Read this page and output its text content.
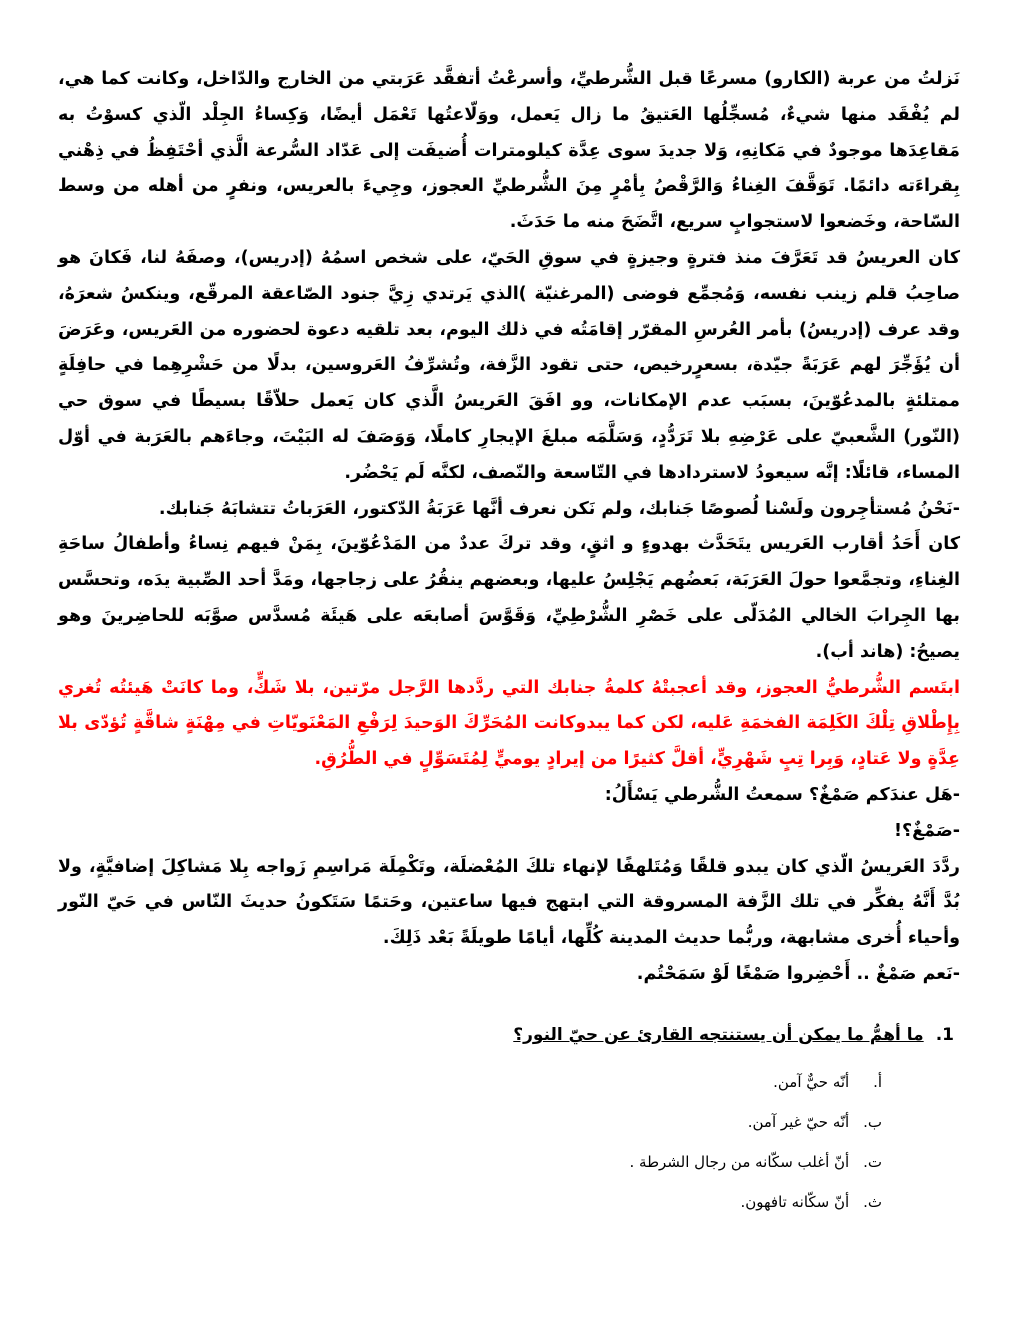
نَزلتُ من عربة (الكارو) مسرعًا قبل الشُّرطيِّ، وأسرعْتُ أتفقَّد عَرَبتي من الخارج والدّاخل، وكانت كما هي، لم يُفْقَد منها شيءٌ، مُسجِّلُها العَتيقُ ما زال يَعمل، ووَلّاعتُها تَعْمَل أيضًا، وَكِساءُ الجِلْد الّذي كسوْتُ به مَقاعِدَها موجودٌ في مَكانِهِ، وَلا جديدَ سوى عِدَّة كيلومترات أُضيفَت إلى عَدّاد السُّرعة الَّذي أحْتَفِظُ في ذِهْني بِقراءَته دائمًا. تَوَقَّفَ الغِناءُ وَالرَّقْصُ بِأمْرٍ مِنَ الشُّرطيِّ العجوز، وجِيءَ بالعريس، ونفرٍ من أهله من وسط السّاحة، وخَضعوا لاستجوابٍ سريع، اتَّضَحَ منه ما حَدَثَ.

كان العريسُ قد تَعَرَّفَ منذ فترةٍ وجيزةٍ في سوقِ الحَيّ، على شخص اسمُهُ (إدريس)، وصفَهُ لنا، فَكانَ هو صاحِبُ قلم زينب نفسه، وَمُجمِّع فوضى (المرغنيّة )الذي يَرتدي زِيَّ جنود الصّاعقة المرقّع، وينكسُ شعرَهُ، وقد عرف (إدريسُ) بأمر العُرسِ المقرّر إقامَتُه في ذلك اليوم، بعد تلقيه دعوة لحضوره من العَريس، وعَرَضَ أن يُؤَجِّرَ لهم عَرَبَةً جيّدة، بسعرٍرخيص، حتى تقود الزَّفة، وتُشرِّفُ العَروسين، بدلًا من حَشْرِهِما في حافِلَةٍ ممتلئةٍ بالمدعُوّينَ، بسبَب عدم الإمكانات، وو افَقَ العَريسُ الَّذي كان يَعمل حلاّقًا بسيطًا في سوق حي (النّور) الشَّعبيّ على عَرْضِهِ بلا تَرَدُّدٍ، وَسَلَّمَه مبلغَ الإيجارِ كاملًا، وَوَصَفَ له البَيْتَ، وجاءَهم بالعَرَبة في أوّل المساء، قائلًا: إنَّه سيعودُ لاستردادها في التّاسعة والنّصف، لكنَّه لَم يَحْضُر.

-نَحْنُ مُستأجِرون ولَسْنا لُصوصًا جَنابك، ولم نَكن نعرف أنَّها عَرَبَةُ الدّكتور، العَرَباتُ تتشابَهُ جَنابك.

كان أَحَدُ أقارب العَريس يتَحَدَّث بهدوءٍ و اثقٍ، وقد تركَ عددٌ من المَدْعُوّينَ، بِمَنْ فيهم نِساءُ وأطفالُ ساحَةِ الغِناءِ، وتجمَّعوا حولَ العَرَبَة، بَعضُهم يَجْلِسُ عليها، وبعضهم ينقُرُ على زجاجها، ومَدَّ أحد الصِّبية يدَه، وتحسَّس بها الجِرابَ الخالي المُدَلّى على خَصْرِ الشُّرْطِيِّ، وَقَوَّسَ أصابعَه على هَيئَة مُسدَّس صوَّبَه للحاضِرينَ وهو يصيحُ: (هاند أب).

ابتَسم الشُّرطيُّ العجوز، وقد أعجبتْهُ كلمةُ جنابك التي ردَّدها الرَّجل مرّتين، بلا شَكٍّ، وما كانَتْ هَيئتُه تُغري بِإِطْلاقِ تِلْكَ الكَلِمَة الفخمَةِ عَليه، لكن كما يبدوكانت المُحَرِّكَ الوَحيدَ لِرَفْعِ المَعْنَويّاتِ في مِهْنَةٍ شاقَّةٍ تُؤدّى بلا عِدَّةٍ ولا عَتادٍ، وَبِرا تِبٍ شَهْرِيٍّ، أقلَّ كثيرًا من إيرادٍ يوميٍّ لِمُتَسَوِّلٍ في الطُّرُقِ.

-هَل عندَكم صَمْغٌ؟ سمعتُ الشُّرطي يَسْأَلُ:

-صَمْغٌ؟!

ردَّدَ العَريسُ الّذي كان يبدو قلقًا وَمُتَلهفًا لإنهاء تلكَ المُعْضلَة، وتَكْمِلَة مَراسِمِ زَواجه بِلا مَشاكِلَ إضافيَّةٍ، ولا بُدَّ أَنَّهُ يفكِّر في تلك الزَّفة المسروقة التي ابتهج فيها ساعتين، وحَتمًا سَتَكونُ حديثَ النّاس في حَيّ النّور وأحياء أُخرى مشابهة، وربُّما حديث المدينة كُلِّها، أيامًا طويلَةً بَعْد ذَلِكَ.

-نَعم صَمْغٌ .. أَحْضِروا صَمْغًا لَوْ سَمَحْتُم.

1.ما أهمُّ ما يمكن أن يستنتجه القارئ عن حيّ النور؟

أ. أنّه حيٌّ آمن.
ب. أنّه حيّ غير آمن.
ت. أنّ أغلب سكّانه من رجال الشرطة .
ث. أنّ سكّانه تافهون.
